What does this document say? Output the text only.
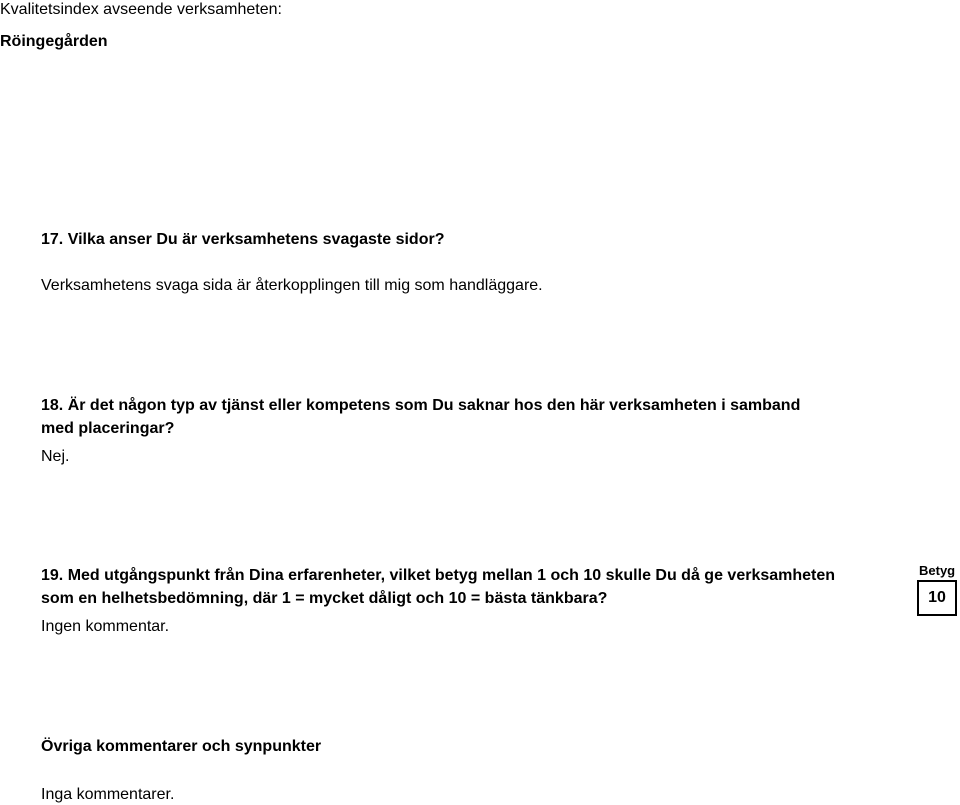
Kvalitetsindex avseende verksamheten:
Röingegården
17. Vilka anser Du är verksamhetens svagaste sidor?
Verksamhetens svaga sida är återkopplingen till mig som handläggare.
18. Är det någon typ av tjänst eller kompetens som Du saknar hos den här verksamheten i samband
med placeringar?
Nej.
19. Med utgångspunkt från Dina erfarenheter, vilket betyg mellan 1 och 10 skulle Du då ge verksamheten
som en helhetsbedömning, där 1 = mycket dåligt och 10 = bästa tänkbara?
Ingen kommentar.
Betyg
10
Övriga kommentarer och synpunkter
Inga kommentarer.
